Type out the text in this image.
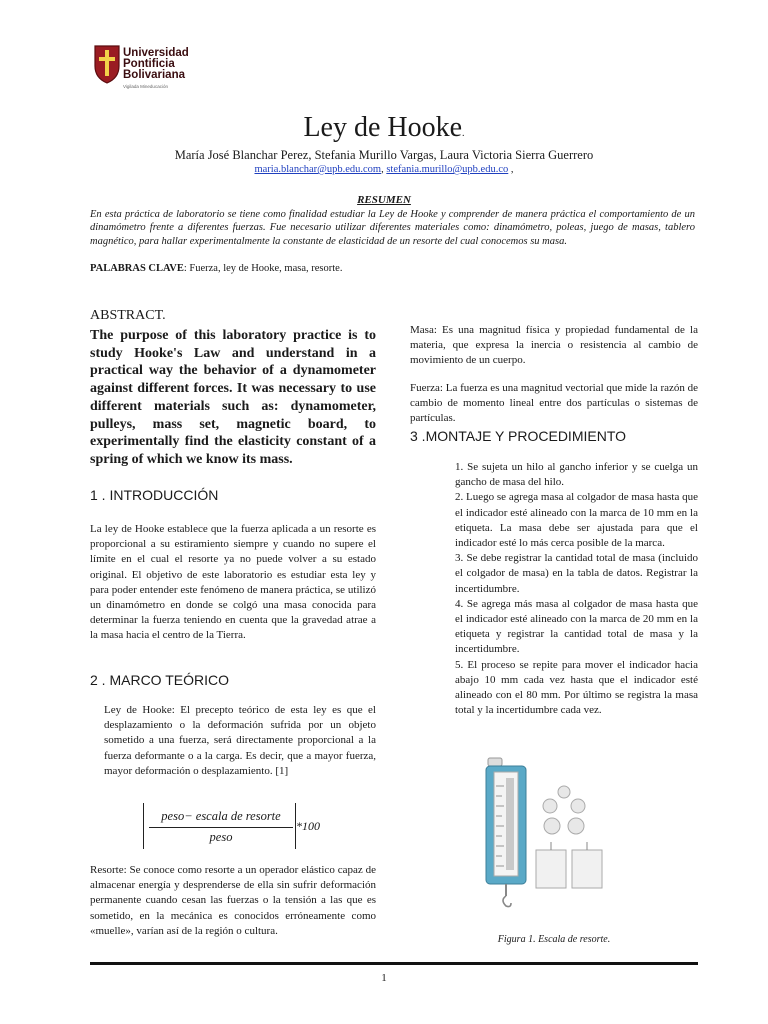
Universidad
Pontificia
Bolivariana
Vigilada Mineducación
Ley de Hooke.
María José Blanchar Perez, Stefania Murillo Vargas, Laura Victoria Sierra Guerrero
maria.blanchar@upb.edu.com, stefania.murillo@upb.edu.co ,
RESUMEN
En esta práctica de laboratorio se tiene como finalidad estudiar la Ley de Hooke y comprender de manera práctica el comportamiento de un dinamómetro frente a diferentes fuerzas. Fue necesario utilizar diferentes materiales como: dinamómetro, poleas, juego de masas, tablero magnético, para hallar experimentalmente la constante de elasticidad de un resorte del cual conocemos su masa.
PALABRAS CLAVE: Fuerza, ley de Hooke, masa, resorte.
ABSTRACT.
The purpose of this laboratory practice is to study Hooke's Law and understand in a practical way the behavior of a dynamometer against different forces. It was necessary to use different materials such as: dynamometer, pulleys, mass set, magnetic board, to experimentally find the elasticity constant of a spring of which we know its mass.
1 . INTRODUCCIÓN
La ley de Hooke establece que la fuerza aplicada a un resorte es proporcional a su estiramiento siempre y cuando no supere el límite en el cual el resorte ya no puede volver a su estado original. El objetivo de este laboratorio es estudiar esta ley y para poder entender este fenómeno de manera práctica, se utilizó un dinamómetro en donde se colgó una masa conocida para determinar la fuerza teniendo en cuenta que la gravedad atrae a la masa hacia el centro de la Tierra.
2 . MARCO TEÓRICO
Ley de Hooke: El precepto teórico de esta ley es que el desplazamiento o la deformación sufrida por un objeto sometido a una fuerza, será directamente proporcional a la fuerza deformante o a la carga. Es decir, que a mayor fuerza, mayor deformación o desplazamiento. [1]
peso− escala de resorte
peso
*100
Resorte: Se conoce como resorte a un operador elástico capaz de almacenar energía y desprenderse de ella sin sufrir deformación permanente cuando cesan las fuerzas o la tensión a las que es sometido, en la mecánica es conocidos erróneamente como «muelle», varían así de la región o cultura.
Masa: Es una magnitud física y propiedad fundamental de la materia, que expresa la inercia o resistencia al cambio de movimiento de un cuerpo.
Fuerza: La fuerza es una magnitud vectorial que mide la razón de cambio de momento lineal entre dos partículas o sistemas de partículas.
3 .MONTAJE Y PROCEDIMIENTO

1. Se sujeta un hilo al gancho inferior y se cuelga un gancho de masa del hilo.

2. Luego se agrega masa al colgador de masa hasta que el indicador esté alineado con la marca de 10 mm en la etiqueta. La masa debe ser ajustada para que el indicador esté lo más cerca posible de la marca.

3. Se debe registrar la cantidad total de masa (incluido el colgador de masa) en la tabla de datos. Registrar la incertidumbre.

4. Se agrega más masa al colgador de masa hasta que el indicador esté alineado con la marca de 20 mm en la etiqueta y registrar la cantidad total de masa y la incertidumbre.

5. El proceso se repite para mover el indicador hacia abajo 10 mm cada vez hasta que el indicador esté alineado con el 80 mm. Por último se registra la masa total y la incertidumbre cada vez.

Figura 1. Escala de resorte.
1
